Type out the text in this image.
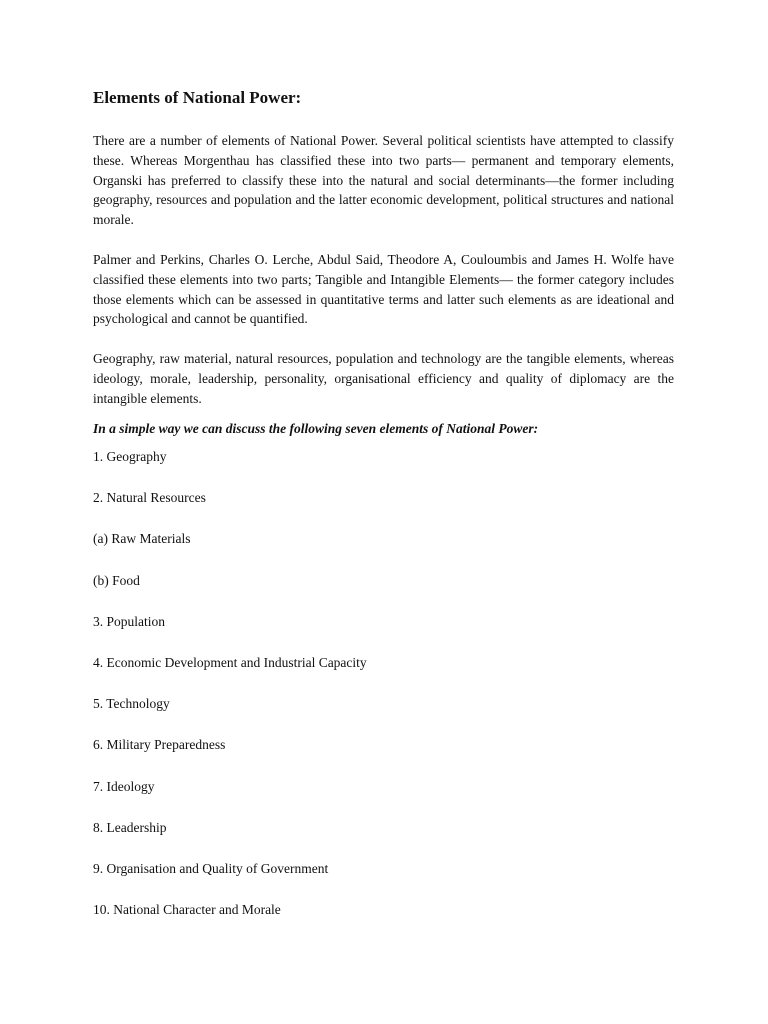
Elements of National Power:

There are a number of elements of National Power. Several political scientists have attempted to classify these. Whereas Morgenthau has classified these into two parts— permanent and temporary elements, Organski has preferred to classify these into the natural and social determinants—the former including geography, resources and population and the latter economic development, political structures and national morale.

Palmer and Perkins, Charles O. Lerche, Abdul Said, Theodore A, Couloumbis and James H. Wolfe have classified these elements into two parts; Tangible and Intangible Elements— the former category includes those elements which can be assessed in quantitative terms and latter such elements as are ideational and psychological and cannot be quantified.

Geography, raw material, natural resources, population and technology are the tangible elements, whereas ideology, morale, leadership, personality, organisational efficiency and quality of diplomacy are the intangible elements.

In a simple way we can discuss the following seven elements of National Power:

1. Geography
2. Natural Resources
(a) Raw Materials
(b) Food
3. Population
4. Economic Development and Industrial Capacity
5. Technology
6. Military Preparedness
7. Ideology
8. Leadership
9. Organisation and Quality of Government
10. National Character and Morale
